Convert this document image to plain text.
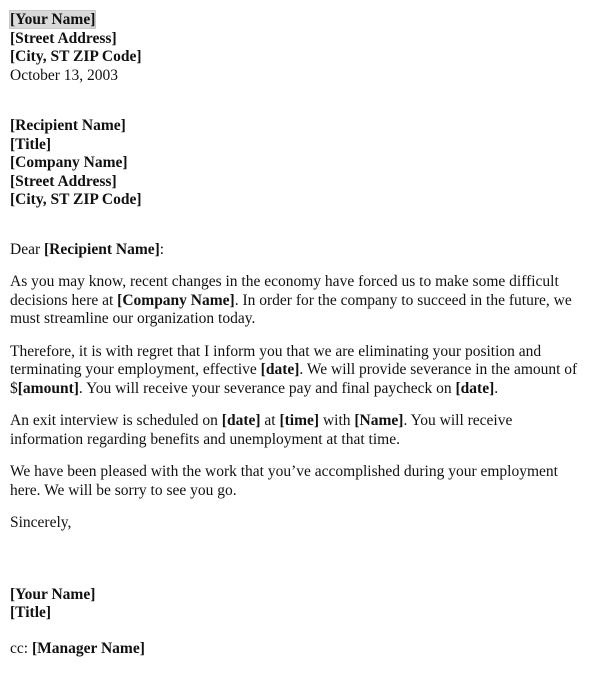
[Your Name]
[Street Address]
[City, ST ZIP Code]
October 13, 2003
[Recipient Name]
[Title]
[Company Name]
[Street Address]
[City, ST ZIP Code]

Dear [Recipient Name]:

As you may know, recent changes in the economy have forced us to make some difficult decisions here at [Company Name]. In order for the company to succeed in the future, we must streamline our organization today.

Therefore, it is with regret that I inform you that we are eliminating your position and terminating your employment, effective [date]. We will provide severance in the amount of $[amount]. You will receive your severance pay and final paycheck on [date].

An exit interview is scheduled on [date] at [time] with [Name]. You will receive information regarding benefits and unemployment at that time.

We have been pleased with the work that you’ve accomplished during your employment here. We will be sorry to see you go.

Sincerely,
[Your Name]
[Title]
cc: [Manager Name]
